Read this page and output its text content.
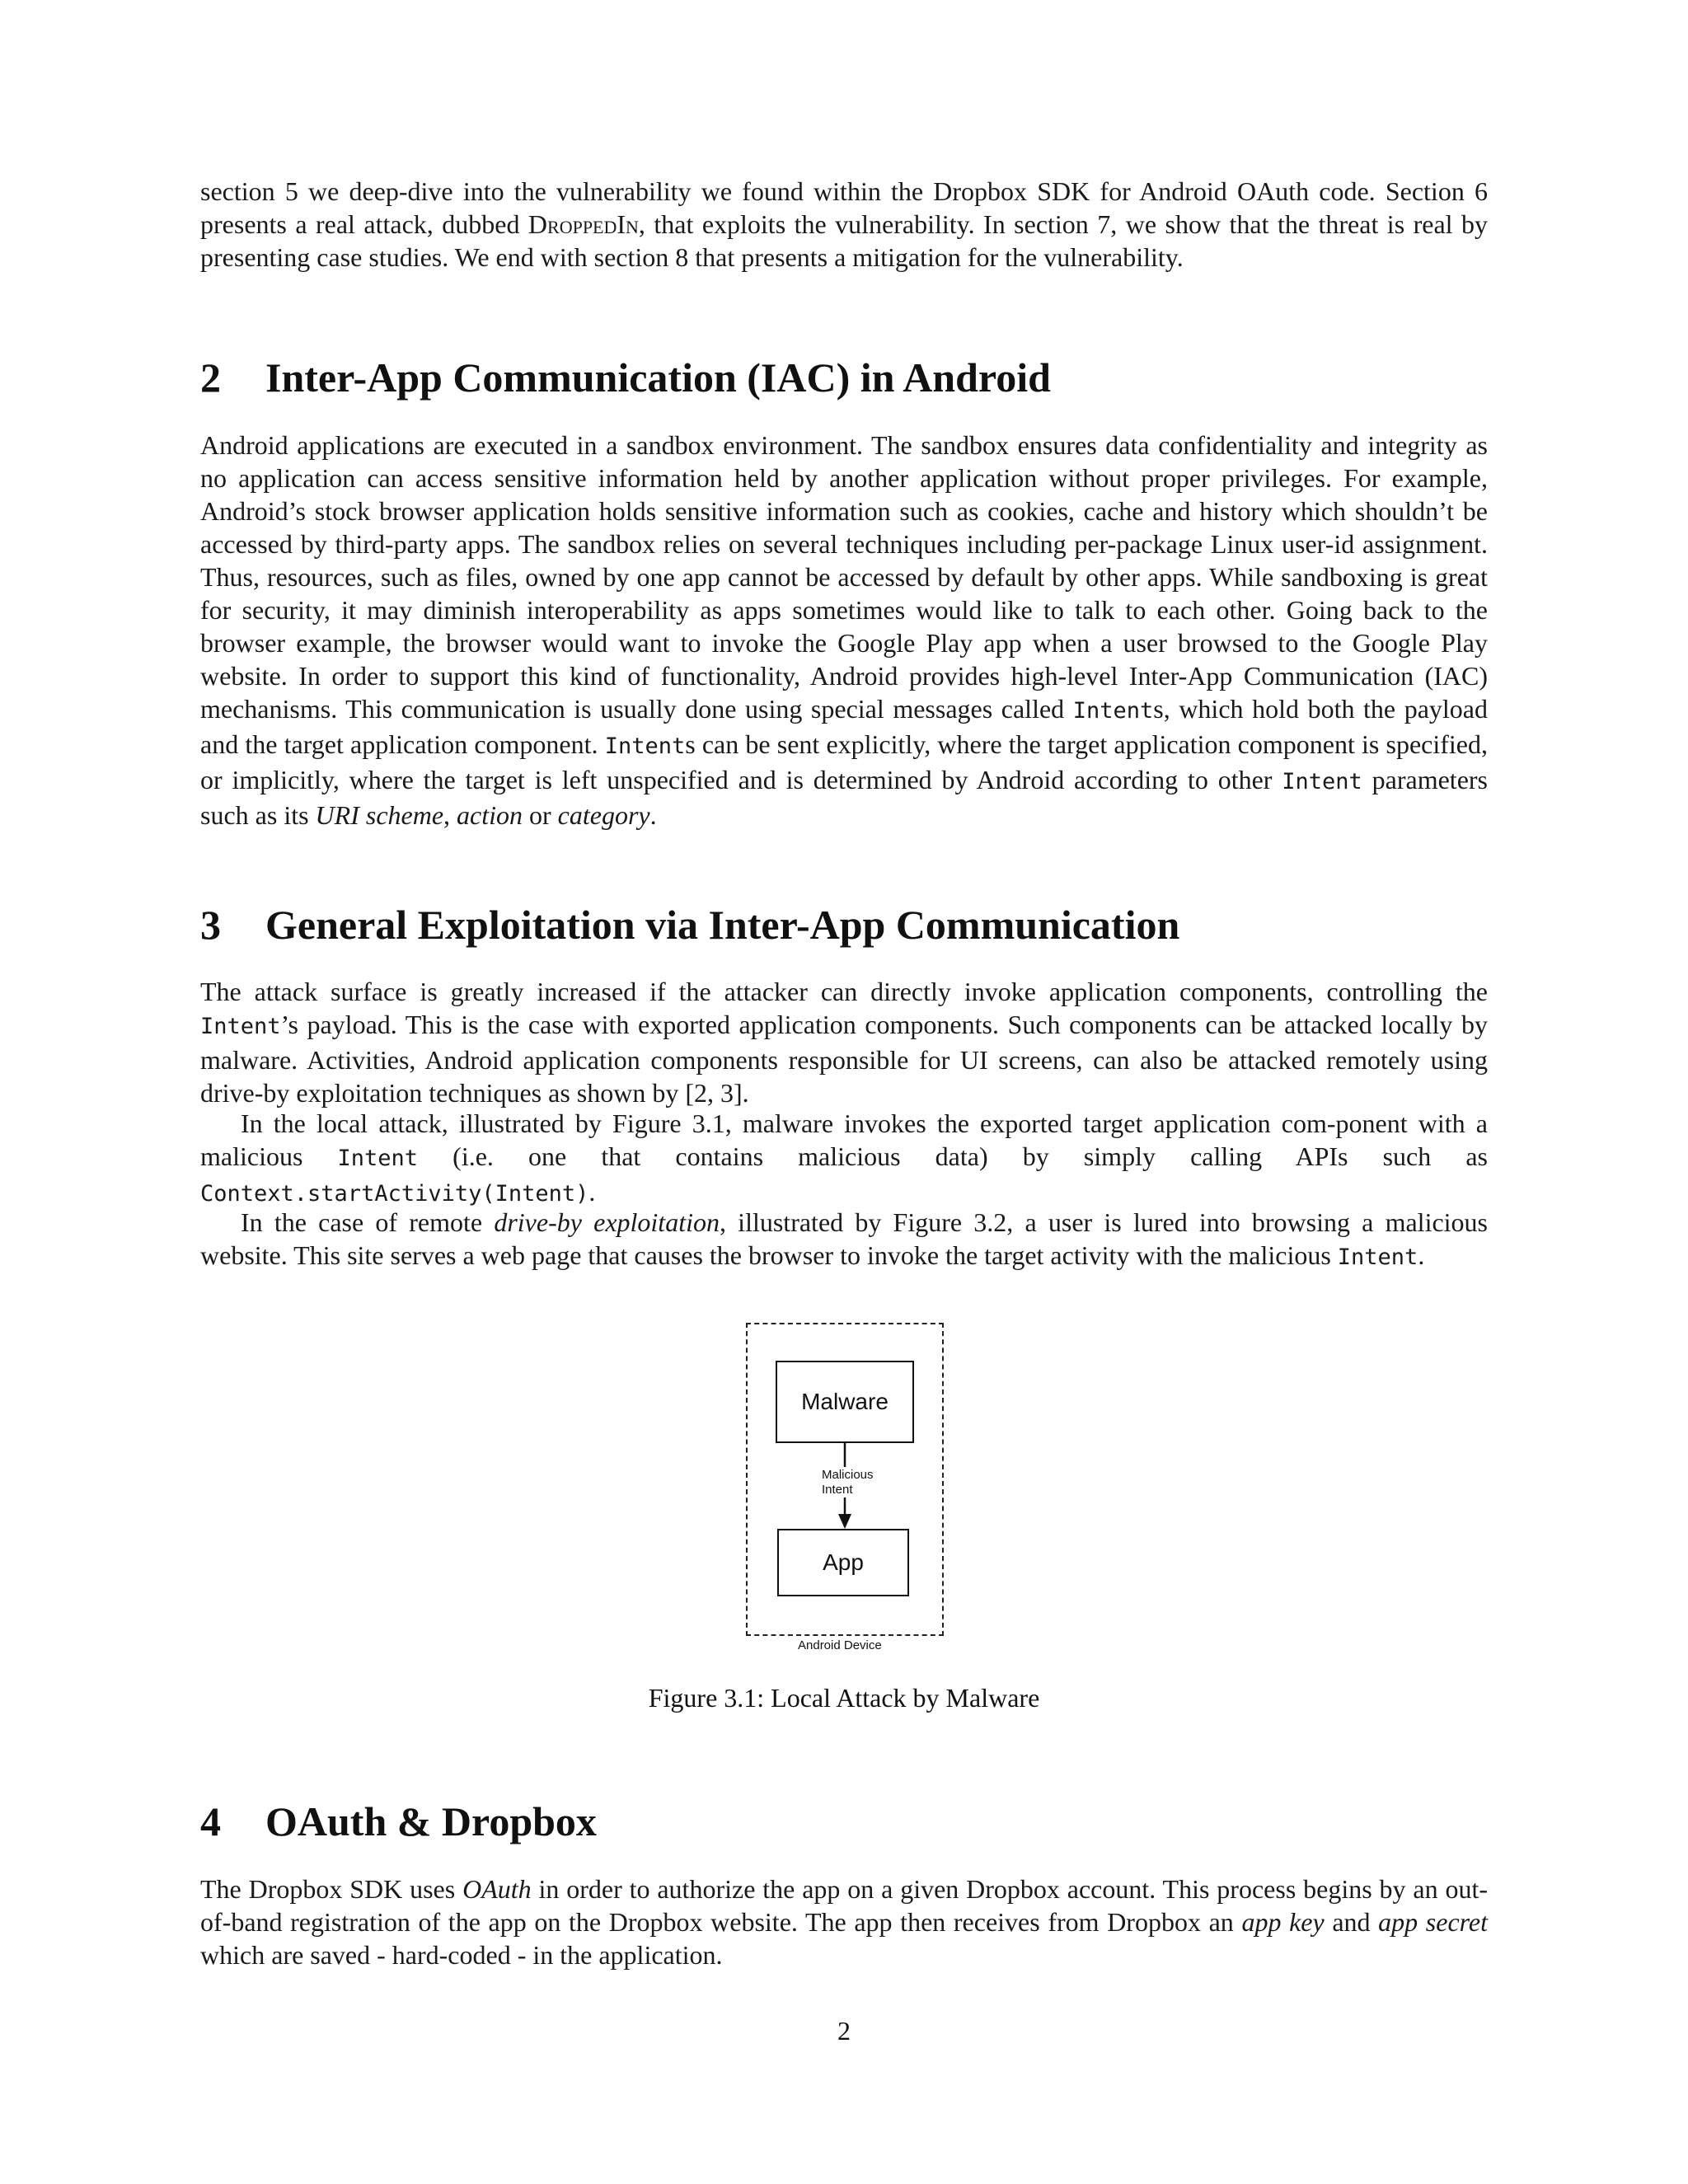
section 5 we deep-dive into the vulnerability we found within the Dropbox SDK for Android OAuth code. Section 6 presents a real attack, dubbed DroppedIn, that exploits the vulnerability. In section 7, we show that the threat is real by presenting case studies. We end with section 8 that presents a mitigation for the vulnerability.

2 Inter-App Communication (IAC) in Android

Android applications are executed in a sandbox environment. The sandbox ensures data confidentiality and integrity as no application can access sensitive information held by another application without proper privileges. For example, Android’s stock browser application holds sensitive information such as cookies, cache and history which shouldn’t be accessed by third-party apps. The sandbox relies on several techniques including per-package Linux user-id assignment. Thus, resources, such as files, owned by one app cannot be accessed by default by other apps. While sandboxing is great for security, it may diminish interoperability as apps sometimes would like to talk to each other. Going back to the browser example, the browser would want to invoke the Google Play app when a user browsed to the Google Play website. In order to support this kind of functionality, Android provides high-level Inter-App Communication (IAC) mechanisms. This communication is usually done using special messages called Intents, which hold both the payload and the target application component. Intents can be sent explicitly, where the target application component is specified, or implicitly, where the target is left unspecified and is determined by Android according to other Intent parameters such as its URI scheme, action or category.

3 General Exploitation via Inter-App Communication

The attack surface is greatly increased if the attacker can directly invoke application components, controlling the Intent’s payload. This is the case with exported application components. Such components can be attacked locally by malware. Activities, Android application components responsible for UI screens, can also be attacked remotely using drive-by exploitation techniques as shown by [2, 3].

In the local attack, illustrated by Figure 3.1, malware invokes the exported target application com-ponent with a malicious Intent (i.e. one that contains malicious data) by simply calling APIs such as Context.startActivity(Intent).

In the case of remote drive-by exploitation, illustrated by Figure 3.2, a user is lured into browsing a malicious website. This site serves a web page that causes the browser to invoke the target activity with the malicious Intent.

Malware
Malicious
Intent
App
Android Device

Figure 3.1: Local Attack by Malware

4 OAuth & Dropbox

The Dropbox SDK uses OAuth in order to authorize the app on a given Dropbox account. This process begins by an out-of-band registration of the app on the Dropbox website. The app then receives from Dropbox an app key and app secret which are saved - hard-coded - in the application.

2
